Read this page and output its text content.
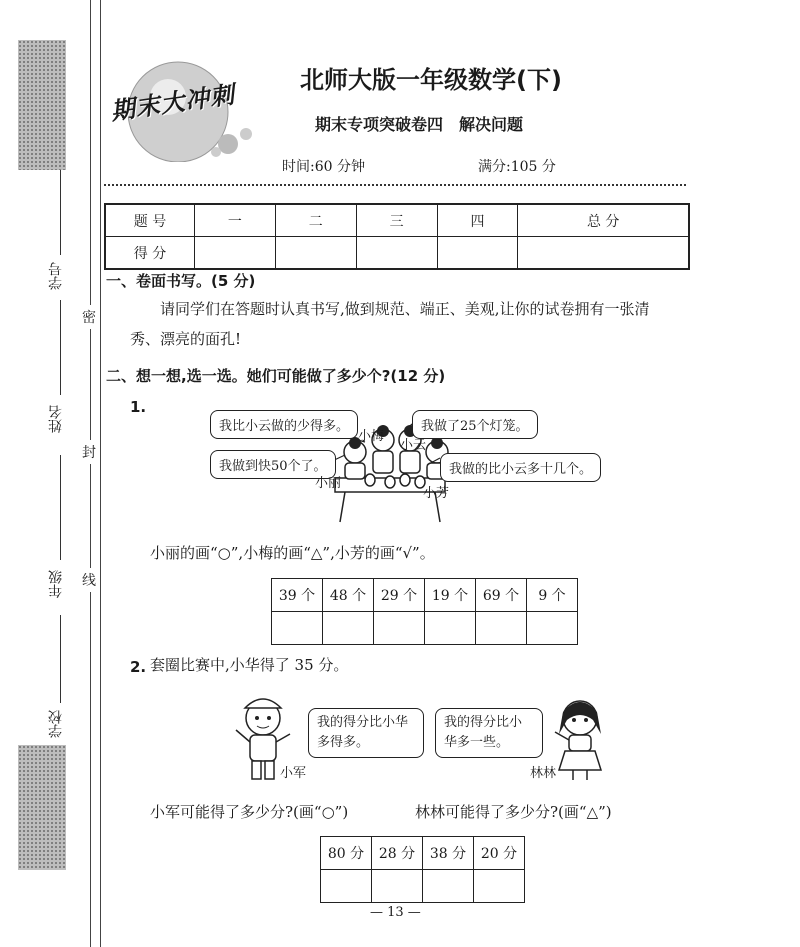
学号
姓名
年级
学校
密
封
线
期末大冲刺
北师大版一年级数学(下)
期末专项突破卷四　解决问题
时间:60 分钟	满分:105 分
题 号	一	二	三	四	总 分
得 分					
一、卷面书写。(5 分)
请同学们在答题时认真书写,做到规范、端正、美观,让你的试卷拥有一张清
秀、漂亮的面孔!
二、想一想,选一选。她们可能做了多少个?(12 分)
1.
我比小云做的少得多。	我做了25个灯笼。
我做到快50个了。	我做的比小云多十几个。
小梅
小云
小丽
小芳
小丽的画“○”,小梅的画“△”,小芳的画“√”。
39 个	48 个	29 个	19 个	69 个	9 个

2. 套圈比赛中,小华得了 35 分。
我的得分比小华多得多。
小军
我的得分比小华多一些。
林林
小军可能得了多少分?(画“○”)	林林可能得了多少分?(画“△”)
80 分	28 分	38 分	20 分

— 13 —
